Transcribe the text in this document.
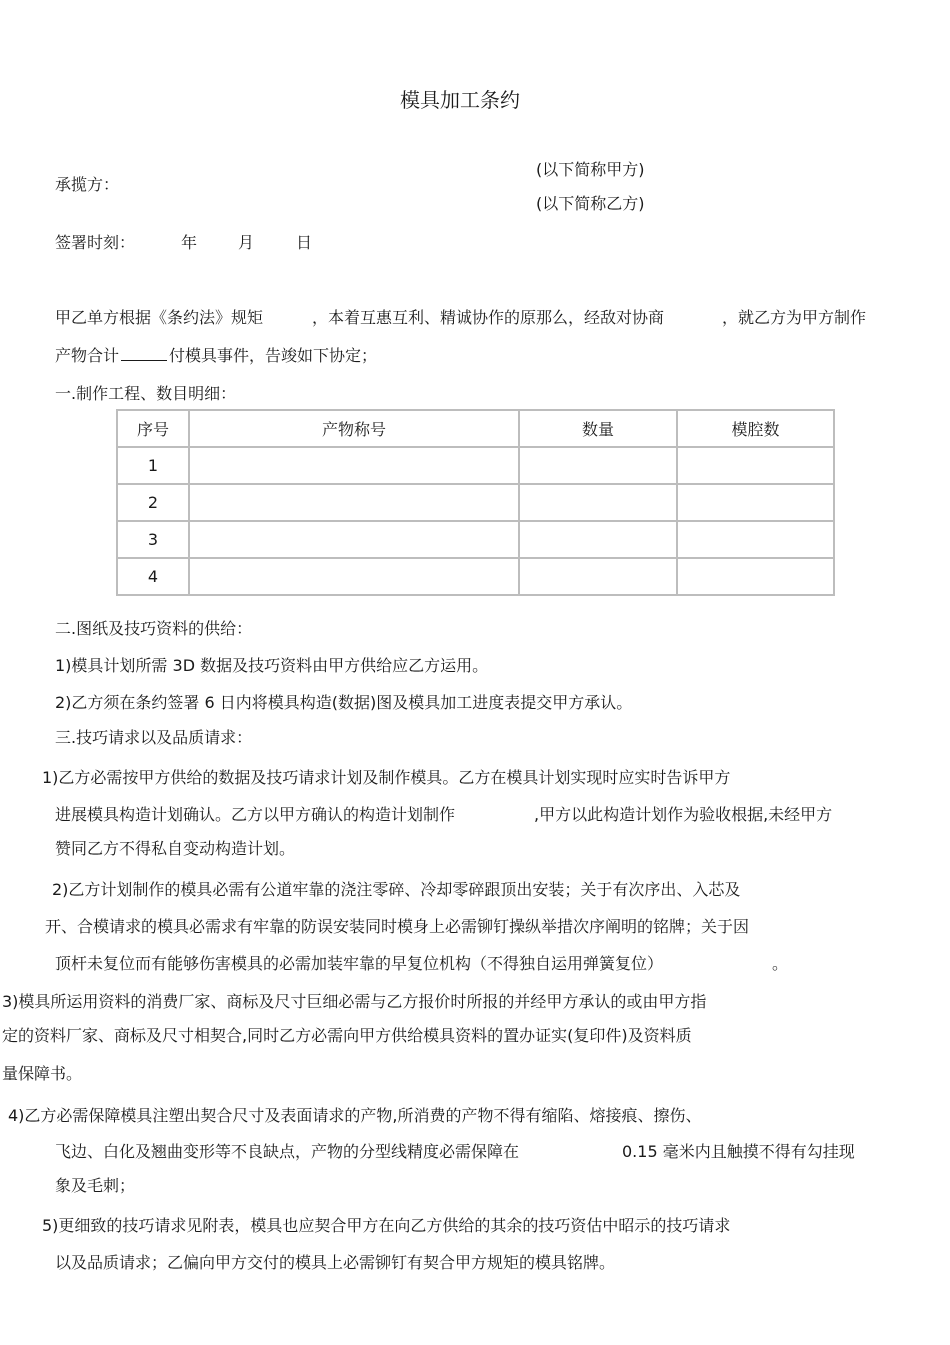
模具加工条约
承揽方：
(以下简称甲方)
(以下简称乙方)
签署时刻：	年	月	日
甲乙单方根据《条约法》规矩	，本着互惠互利、精诚协作的原那么，经敌对协商	，就乙方为甲方制作
产物合计	付模具事件，告竣如下协定；
一.制作工程、数目明细：
序号	产物称号	数量	模腔数
1			
2			
3			
4			
二.图纸及技巧资料的供给：
1)模具计划所需 3D 数据及技巧资料由甲方供给应乙方运用。
2)乙方须在条约签署 6 日内将模具构造(数据)图及模具加工进度表提交甲方承认。
三.技巧请求以及品质请求：
1)乙方必需按甲方供给的数据及技巧请求计划及制作模具。乙方在模具计划实现时应实时告诉甲方
进展模具构造计划确认。乙方以甲方确认的构造计划制作	,甲方以此构造计划作为验收根据,未经甲方
赞同乙方不得私自变动构造计划。
2)乙方计划制作的模具必需有公道牢靠的浇注零碎、冷却零碎跟顶出安装；关于有次序出、入芯及
开、合模请求的模具必需求有牢靠的防误安装同时模身上必需铆钉操纵举措次序阐明的铭牌；关于因
顶杆未复位而有能够伤害模具的必需加装牢靠的早复位机构（不得独自运用弹簧复位）	。
3)模具所运用资料的消费厂家、商标及尺寸巨细必需与乙方报价时所报的并经甲方承认的或由甲方指
定的资料厂家、商标及尺寸相契合,同时乙方必需向甲方供给模具资料的置办证实(复印件)及资料质
量保障书。
4)乙方必需保障模具注塑出契合尺寸及表面请求的产物,所消费的产物不得有缩陷、熔接痕、擦伤、
飞边、白化及翘曲变形等不良缺点，产物的分型线精度必需保障在	0.15 毫米内且触摸不得有勾挂现
象及毛刺；
5)更细致的技巧请求见附表，模具也应契合甲方在向乙方供给的其余的技巧资估中昭示的技巧请求
以及品质请求；乙偏向甲方交付的模具上必需铆钉有契合甲方规矩的模具铭牌。
